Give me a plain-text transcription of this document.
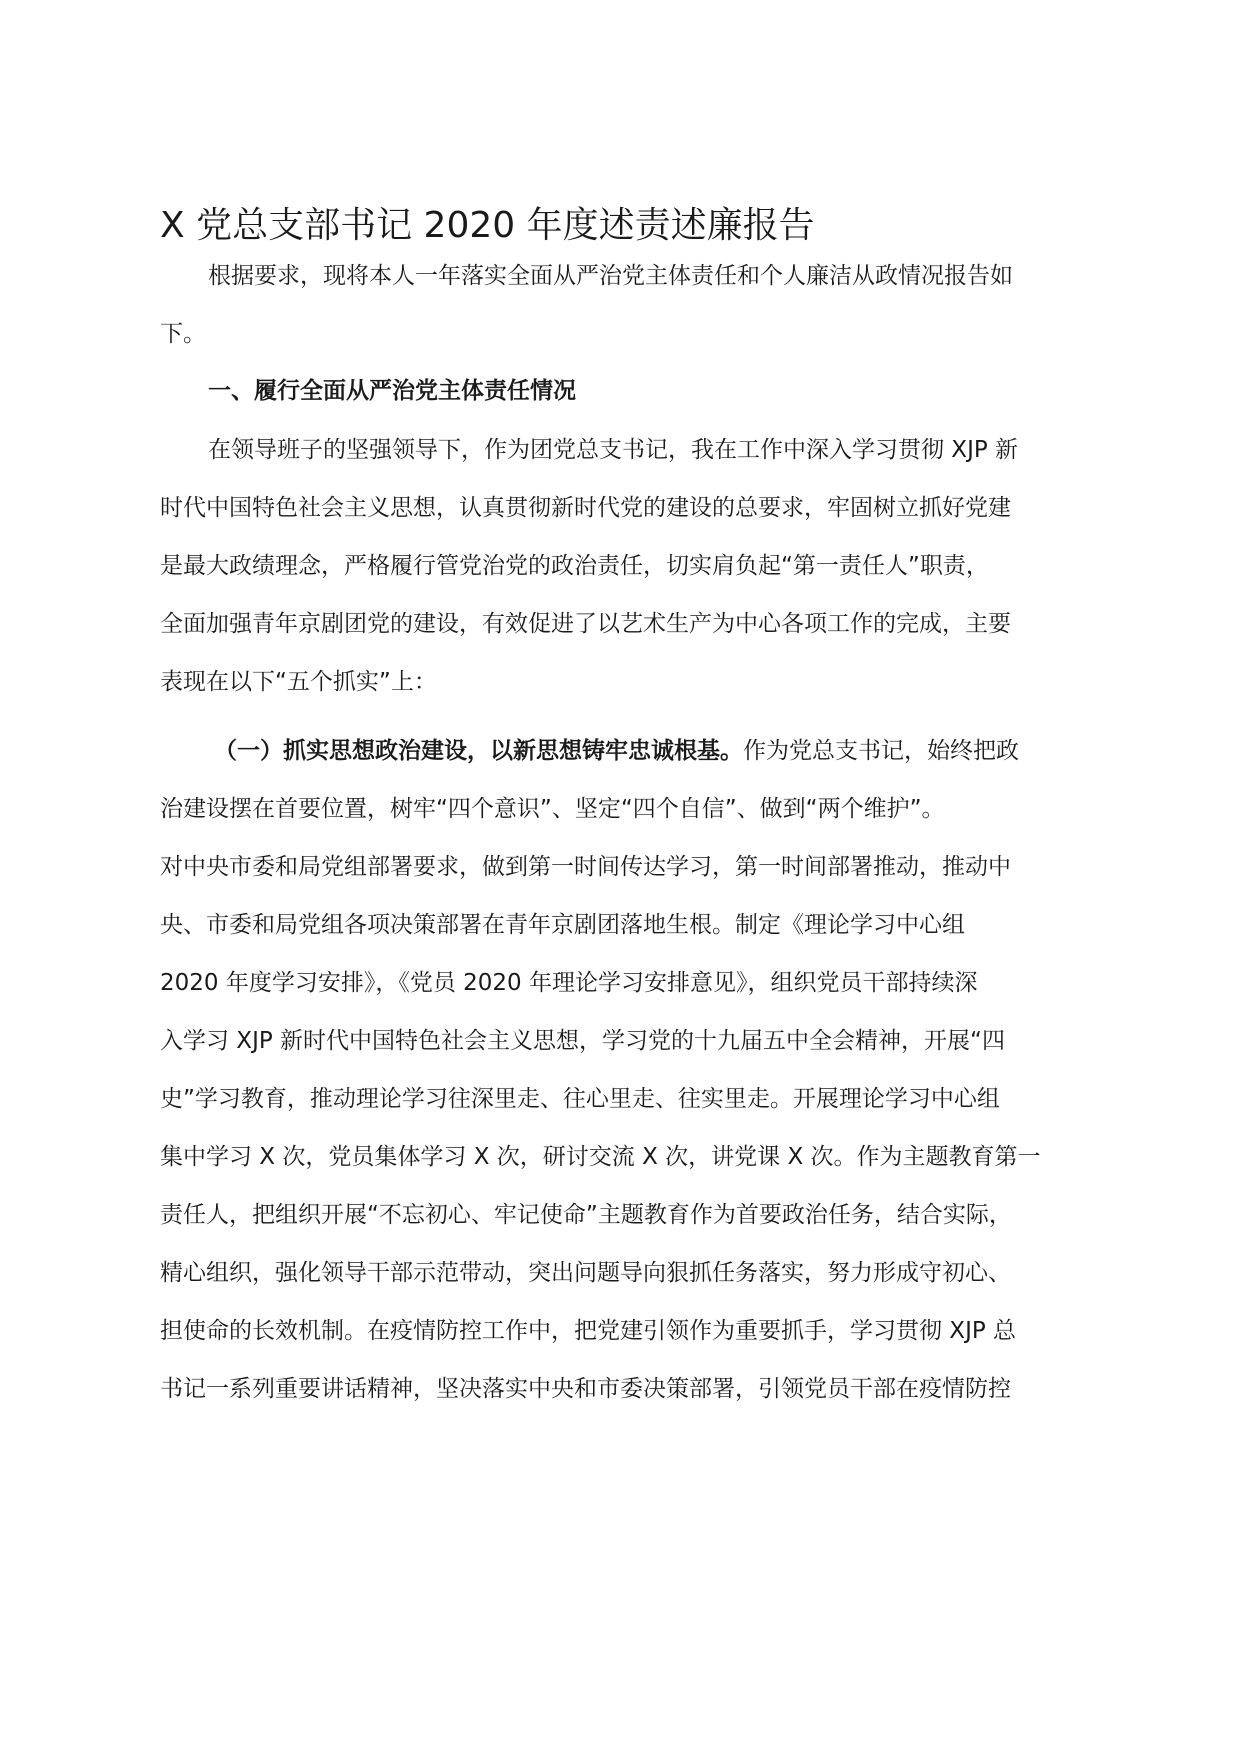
X 党总支部书记 2020 年度述责述廉报告

根据要求，现将本人一年落实全面从严治党主体责任和个人廉洁从政情况报告如

下。

一、履行全面从严治党主体责任情况

在领导班子的坚强领导下，作为团党总支书记，我在工作中深入学习贯彻 XJP 新

时代中国特色社会主义思想，认真贯彻新时代党的建设的总要求，牢固树立抓好党建

是最大政绩理念，严格履行管党治党的政治责任，切实肩负起“第一责任人”职责，

全面加强青年京剧团党的建设，有效促进了以艺术生产为中心各项工作的完成，主要

表现在以下“五个抓实”上：

（一）抓实思想政治建设，以新思想铸牢忠诚根基。作为党总支书记，始终把政

治建设摆在首要位置，树牢“四个意识”、坚定“四个自信”、做到“两个维护”。

对中央市委和局党组部署要求，做到第一时间传达学习，第一时间部署推动，推动中

央、市委和局党组各项决策部署在青年京剧团落地生根。制定《理论学习中心组

2020 年度学习安排》，《党员 2020 年理论学习安排意见》，组织党员干部持续深

入学习 XJP 新时代中国特色社会主义思想，学习党的十九届五中全会精神，开展“四

史”学习教育，推动理论学习往深里走、往心里走、往实里走。开展理论学习中心组

集中学习 X 次，党员集体学习 X 次，研讨交流 X 次，讲党课 X 次。作为主题教育第一

责任人，把组织开展“不忘初心、牢记使命”主题教育作为首要政治任务，结合实际，

精心组织，强化领导干部示范带动，突出问题导向狠抓任务落实，努力形成守初心、

担使命的长效机制。在疫情防控工作中，把党建引领作为重要抓手，学习贯彻 XJP 总

书记一系列重要讲话精神，坚决落实中央和市委决策部署，引领党员干部在疫情防控
